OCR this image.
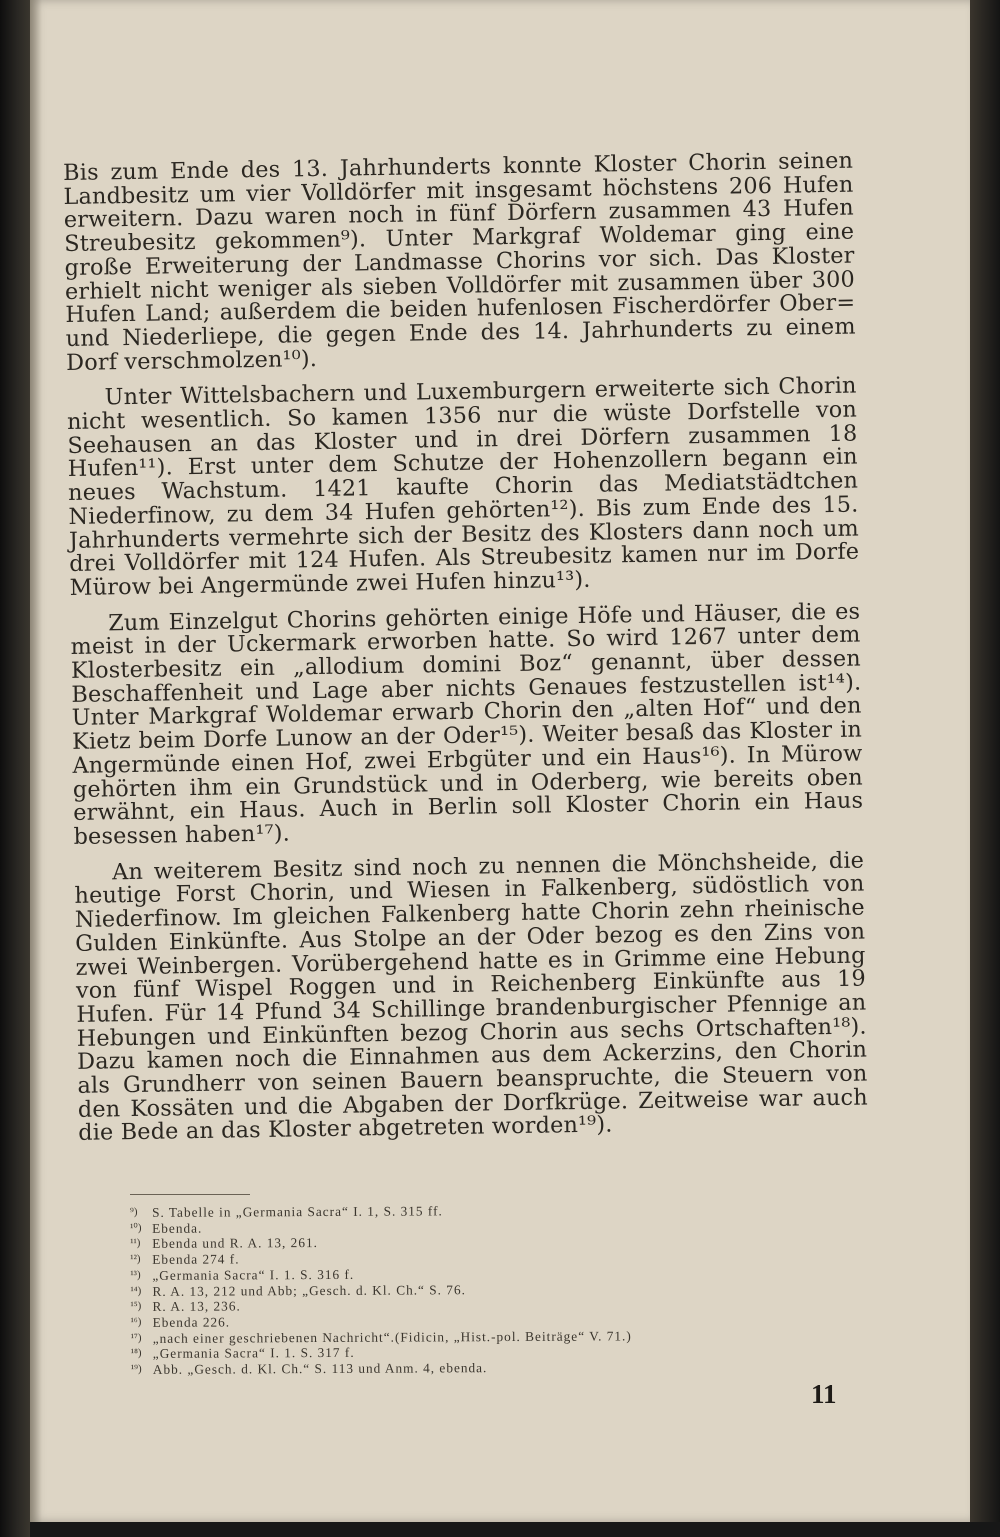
Bis zum Ende des 13. Jahrhunderts konnte Kloster Chorin seinen Landbesitz um vier Volldörfer mit insgesamt höchstens 206 Hufen erweitern. Dazu waren noch in fünf Dörfern zusammen 43 Hufen Streubesitz gekommen⁹). Unter Markgraf Woldemar ging eine große Erweiterung der Landmasse Chorins vor sich. Das Kloster erhielt nicht weniger als sieben Volldörfer mit zusammen über 300 Hufen Land; außerdem die beiden hufenlosen Fischerdörfer Ober= und Niederliepe, die gegen Ende des 14. Jahrhunderts zu einem Dorf verschmolzen¹⁰).

Unter Wittelsbachern und Luxemburgern erweiterte sich Chorin nicht wesentlich. So kamen 1356 nur die wüste Dorfstelle von Seehausen an das Kloster und in drei Dörfern zusammen 18 Hufen¹¹). Erst unter dem Schutze der Hohenzollern begann ein neues Wachstum. 1421 kaufte Chorin das Mediatstädtchen Niederfinow, zu dem 34 Hufen gehörten¹²). Bis zum Ende des 15. Jahrhunderts vermehrte sich der Besitz des Klosters dann noch um drei Volldörfer mit 124 Hufen. Als Streubesitz kamen nur im Dorfe Mürow bei Angermünde zwei Hufen hinzu¹³).

Zum Einzelgut Chorins gehörten einige Höfe und Häuser, die es meist in der Uckermark erworben hatte. So wird 1267 unter dem Klosterbesitz ein „allodium domini Boz“ genannt, über dessen Beschaffenheit und Lage aber nichts Genaues festzustellen ist¹⁴). Unter Markgraf Woldemar erwarb Chorin den „alten Hof“ und den Kietz beim Dorfe Lunow an der Oder¹⁵). Weiter besaß das Kloster in Angermünde einen Hof, zwei Erbgüter und ein Haus¹⁶). In Mürow gehörten ihm ein Grundstück und in Oderberg, wie bereits oben erwähnt, ein Haus. Auch in Berlin soll Kloster Chorin ein Haus besessen haben¹⁷).

An weiterem Besitz sind noch zu nennen die Mönchsheide, die heutige Forst Chorin, und Wiesen in Falkenberg, südöstlich von Niederfinow. Im gleichen Falkenberg hatte Chorin zehn rheinische Gulden Einkünfte. Aus Stolpe an der Oder bezog es den Zins von zwei Weinbergen. Vorübergehend hatte es in Grimme eine Hebung von fünf Wispel Roggen und in Reichenberg Einkünfte aus 19 Hufen. Für 14 Pfund 34 Schillinge brandenburgischer Pfennige an Hebungen und Einkünften bezog Chorin aus sechs Ortschaften¹⁸). Dazu kamen noch die Einnahmen aus dem Ackerzins, den Chorin als Grundherr von seinen Bauern beanspruchte, die Steuern von den Kossäten und die Abgaben der Dorfkrüge. Zeitweise war auch die Bede an das Kloster abgetreten worden¹⁹).

⁹) S. Tabelle in „Germania Sacra“ I. 1, S. 315 ff.
¹⁰) Ebenda.
¹¹) Ebenda und R. A. 13, 261.
¹²) Ebenda 274 f.
¹³) „Germania Sacra“ I. 1. S. 316 f.
¹⁴) R. A. 13, 212 und Abb; „Gesch. d. Kl. Ch.“ S. 76.
¹⁵) R. A. 13, 236.
¹⁶) Ebenda 226.
¹⁷) „nach einer geschriebenen Nachricht“.(Fidicin, „Hist.-pol. Beiträge“ V. 71.)
¹⁸) „Germania Sacra“ I. 1. S. 317 f.
¹⁹) Abb. „Gesch. d. Kl. Ch.“ S. 113 und Anm. 4, ebenda.
11
